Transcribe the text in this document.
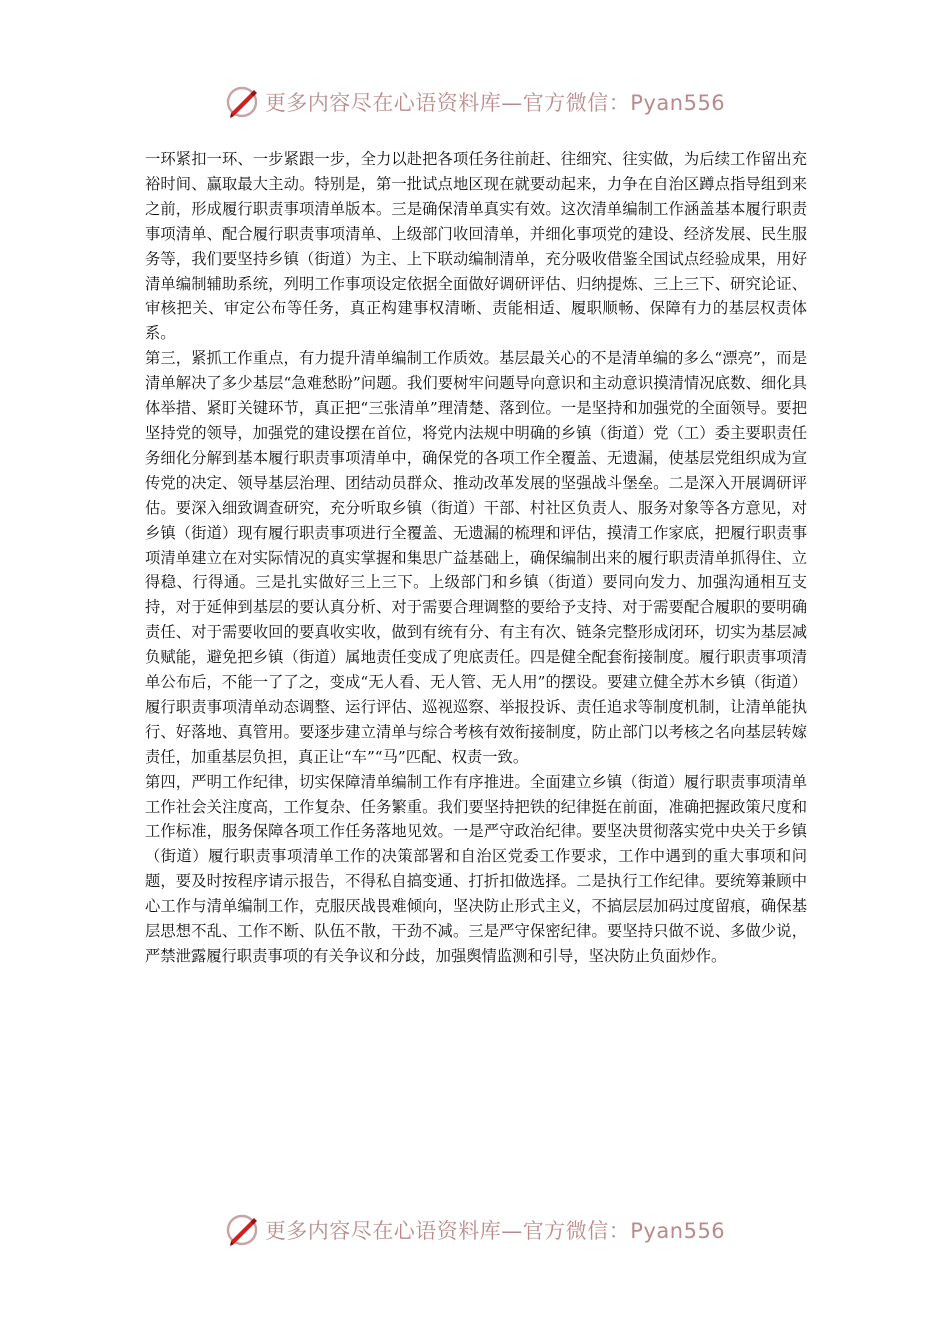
更多内容尽在心语资料库—官方微信：Pyan556

一环紧扣一环、一步紧跟一步，全力以赴把各项任务往前赶、往细究、往实做，为后续工作留出充裕时间、赢取最大主动。特别是，第一批试点地区现在就要动起来，力争在自治区蹲点指导组到来之前，形成履行职责事项清单版本。三是确保清单真实有效。这次清单编制工作涵盖基本履行职责事项清单、配合履行职责事项清单、上级部门收回清单，并细化事项党的建设、经济发展、民生服务等，我们要坚持乡镇（街道）为主、上下联动编制清单，充分吸收借鉴全国试点经验成果，用好清单编制辅助系统，列明工作事项设定依据全面做好调研评估、归纳提炼、三上三下、研究论证、审核把关、审定公布等任务，真正构建事权清晰、责能相适、履职顺畅、保障有力的基层权责体系。

第三，紧抓工作重点，有力提升清单编制工作质效。基层最关心的不是清单编的多么“漂亮”，而是清单解决了多少基层“急难愁盼”问题。我们要树牢问题导向意识和主动意识摸清情况底数、细化具体举措、紧盯关键环节，真正把“三张清单”理清楚、落到位。一是坚持和加强党的全面领导。要把坚持党的领导，加强党的建设摆在首位，将党内法规中明确的乡镇（街道）党（工）委主要职责任务细化分解到基本履行职责事项清单中，确保党的各项工作全覆盖、无遗漏，使基层党组织成为宣传党的决定、领导基层治理、团结动员群众、推动改革发展的坚强战斗堡垒。二是深入开展调研评估。要深入细致调查研究，充分听取乡镇（街道）干部、村社区负责人、服务对象等各方意见，对乡镇（街道）现有履行职责事项进行全覆盖、无遗漏的梳理和评估，摸清工作家底，把履行职责事项清单建立在对实际情况的真实掌握和集思广益基础上，确保编制出来的履行职责清单抓得住、立得稳、行得通。三是扎实做好三上三下。上级部门和乡镇（街道）要同向发力、加强沟通相互支持，对于延伸到基层的要认真分析、对于需要合理调整的要给予支持、对于需要配合履职的要明确责任、对于需要收回的要真收实收，做到有统有分、有主有次、链条完整形成闭环，切实为基层减负赋能，避免把乡镇（街道）属地责任变成了兜底责任。四是健全配套衔接制度。履行职责事项清单公布后，不能一了了之，变成“无人看、无人管、无人用”的摆设。要建立健全苏木乡镇（街道）履行职责事项清单动态调整、运行评估、巡视巡察、举报投诉、责任追求等制度机制，让清单能执行、好落地、真管用。要逐步建立清单与综合考核有效衔接制度，防止部门以考核之名向基层转嫁责任，加重基层负担，真正让“车”“马”匹配、权责一致。

第四，严明工作纪律，切实保障清单编制工作有序推进。全面建立乡镇（街道）履行职责事项清单工作社会关注度高，工作复杂、任务繁重。我们要坚持把铁的纪律挺在前面，准确把握政策尺度和工作标准，服务保障各项工作任务落地见效。一是严守政治纪律。要坚决贯彻落实党中央关于乡镇（街道）履行职责事项清单工作的决策部署和自治区党委工作要求，工作中遇到的重大事项和问题，要及时按程序请示报告，不得私自搞变通、打折扣做选择。二是执行工作纪律。要统筹兼顾中心工作与清单编制工作，克服厌战畏难倾向，坚决防止形式主义，不搞层层加码过度留痕，确保基层思想不乱、工作不断、队伍不散，干劲不减。三是严守保密纪律。要坚持只做不说、多做少说，严禁泄露履行职责事项的有关争议和分歧，加强舆情监测和引导，坚决防止负面炒作。

更多内容尽在心语资料库—官方微信：Pyan556
